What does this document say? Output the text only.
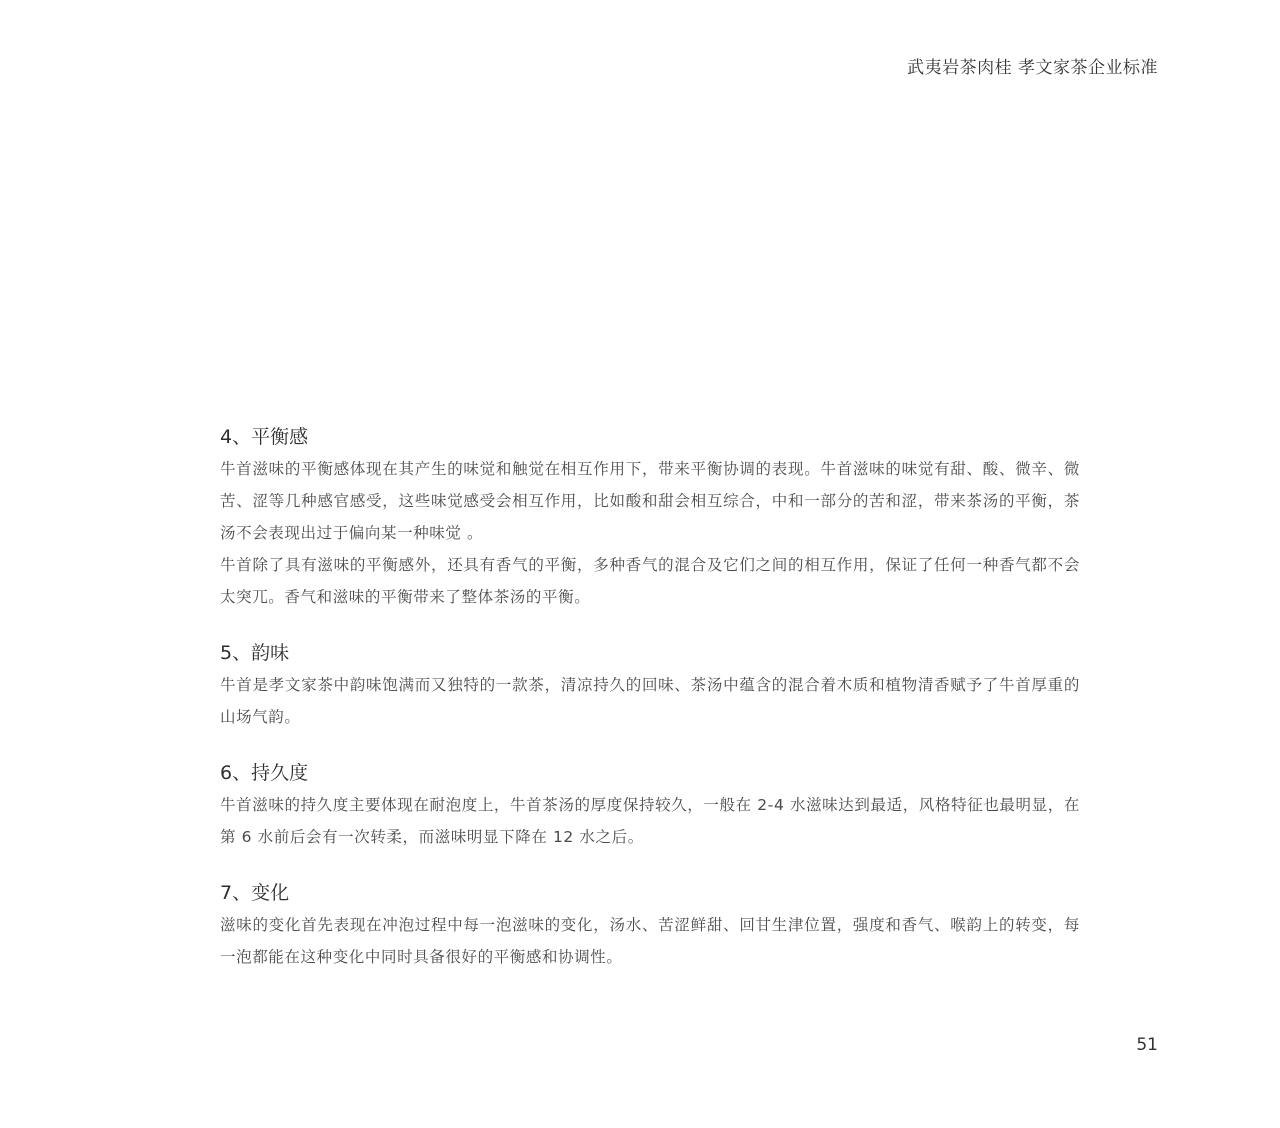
武夷岩茶肉桂 孝文家茶企业标准
4、平衡感

牛首滋味的平衡感体现在其产生的味觉和触觉在相互作用下，带来平衡协调的表现。牛首滋味的味觉有甜、酸、微辛、微苦、涩等几种感官感受，这些味觉感受会相互作用，比如酸和甜会相互综合，中和一部分的苦和涩，带来茶汤的平衡，茶汤不会表现出过于偏向某一种味觉 。

牛首除了具有滋味的平衡感外，还具有香气的平衡，多种香气的混合及它们之间的相互作用，保证了任何一种香气都不会太突兀。香气和滋味的平衡带来了整体茶汤的平衡。

5、韵味

牛首是孝文家茶中韵味饱满而又独特的一款茶，清凉持久的回味、茶汤中蕴含的混合着木质和植物清香赋予了牛首厚重的山场气韵。

6、持久度

牛首滋味的持久度主要体现在耐泡度上，牛首茶汤的厚度保持较久，一般在 2-4 水滋味达到最适，风格特征也最明显，在第 6 水前后会有一次转柔，而滋味明显下降在 12 水之后。

7、变化

滋味的变化首先表现在冲泡过程中每一泡滋味的变化，汤水、苦涩鲜甜、回甘生津位置，强度和香气、喉韵上的转变，每一泡都能在这种变化中同时具备很好的平衡感和协调性。

51
